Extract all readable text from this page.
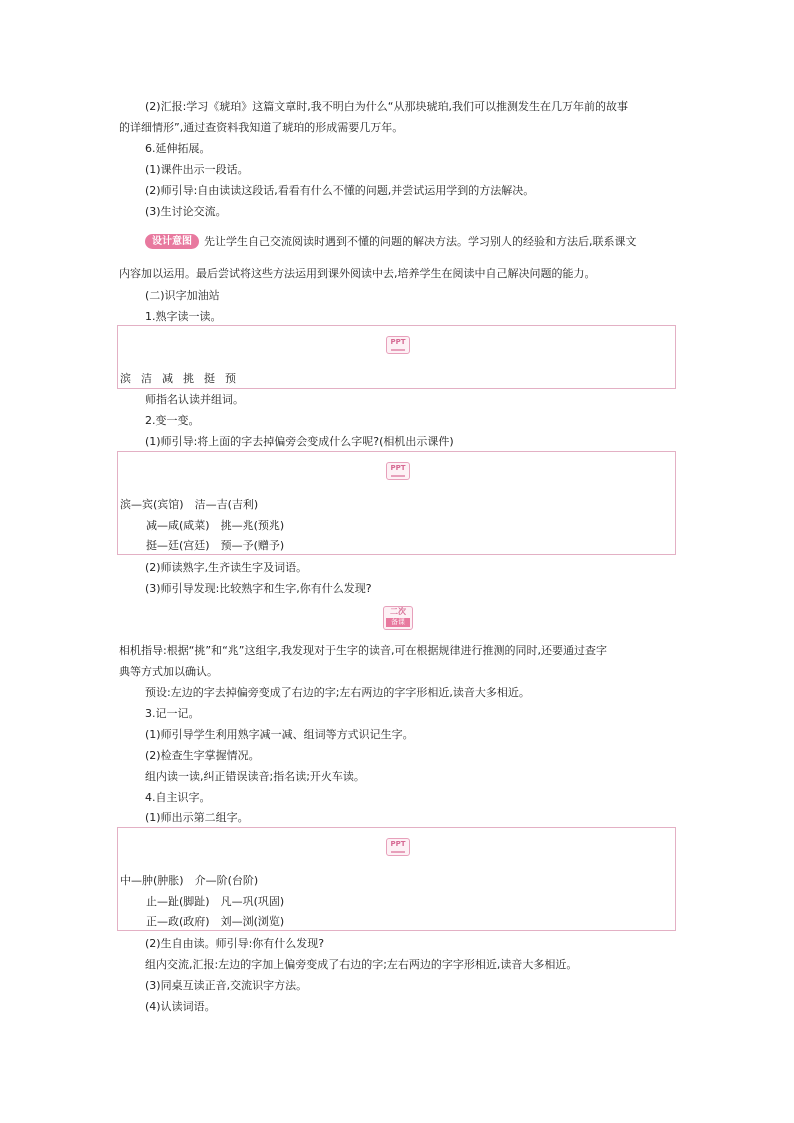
(2)汇报:学习《琥珀》这篇文章时,我不明白为什么“从那块琥珀,我们可以推测发生在几万年前的故事
的详细情形”,通过查资料我知道了琥珀的形成需要几万年。
6.延伸拓展。
(1)课件出示一段话。
(2)师引导:自由读读这段话,看看有什么不懂的问题,并尝试运用学到的方法解决。
(3)生讨论交流。
设计意图	先让学生自己交流阅读时遇到不懂的问题的解决方法。学习别人的经验和方法后,联系课文
内容加以运用。最后尝试将这些方法运用到课外阅读中去,培养学生在阅读中自己解决问题的能力。
(二)识字加油站
1.熟字读一读。
PPT
滨 洁 减 挑 挺 预
师指名认读并组词。
2.变一变。
(1)师引导:将上面的字去掉偏旁会变成什么字呢?(相机出示课件)
PPT
滨—宾(宾馆)　洁—吉(吉利)
减—咸(咸菜)　挑—兆(预兆)
挺—廷(宫廷)　预—予(赠予)
(2)师读熟字,生齐读生字及词语。
(3)师引导发现:比较熟字和生字,你有什么发现?
二次
备课
相机指导:根据“挑”和“兆”这组字,我发现对于生字的读音,可在根据规律进行推测的同时,还要通过查字
典等方式加以确认。
预设:左边的字去掉偏旁变成了右边的字;左右两边的字字形相近,读音大多相近。
3.记一记。
(1)师引导学生利用熟字减一减、组词等方式识记生字。
(2)检查生字掌握情况。
组内读一读,纠正错误读音;指名读;开火车读。
4.自主识字。
(1)师出示第二组字。
PPT
中—肿(肿胀)　介—阶(台阶)
止—趾(脚趾)　凡—巩(巩固)
正—政(政府)　刘—浏(浏览)
(2)生自由读。师引导:你有什么发现?
组内交流,汇报:左边的字加上偏旁变成了右边的字;左右两边的字字形相近,读音大多相近。
(3)同桌互读正音,交流识字方法。
(4)认读词语。
